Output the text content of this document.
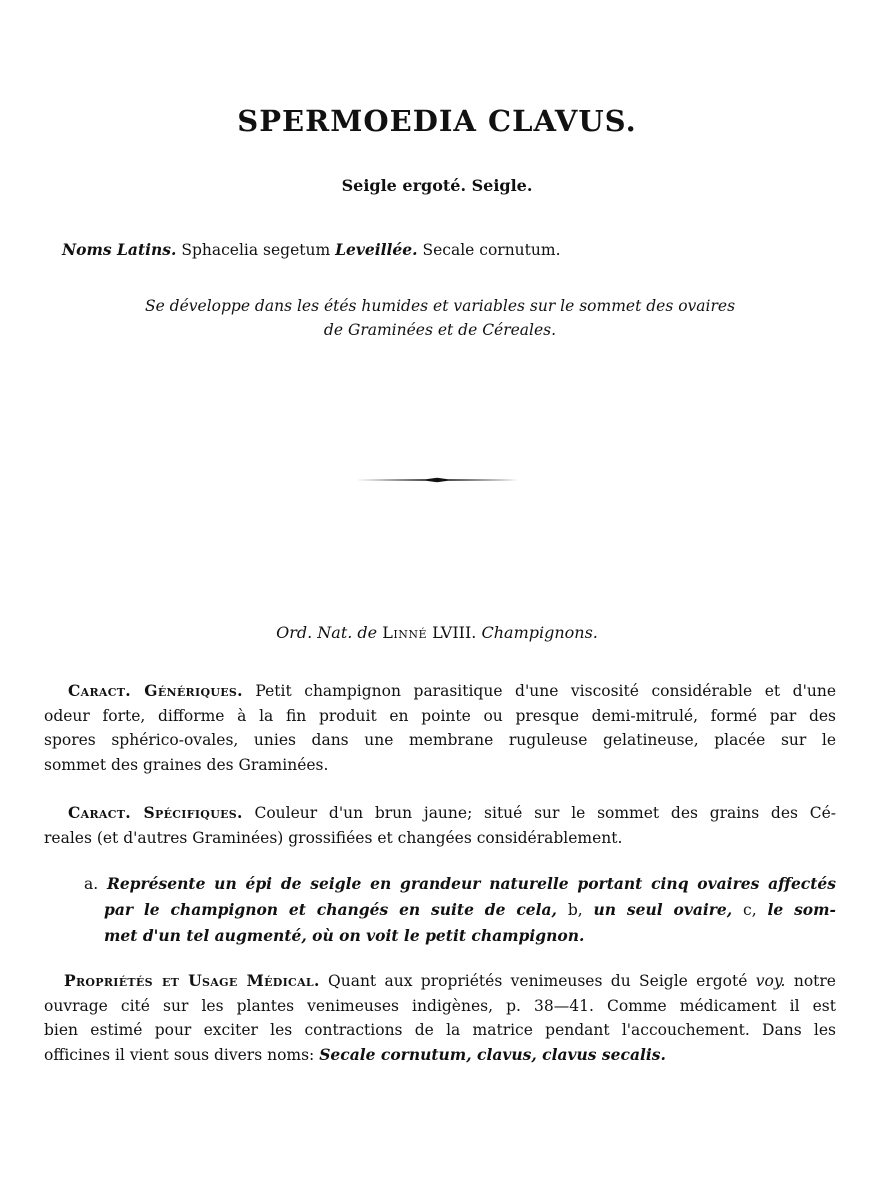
SPERMOEDIA CLAVUS.
Seigle ergoté. Seigle.
Noms Latins. Sphacelia segetum Leveillée. Secale cornutum.
Se développe dans les étés humides et variables sur le sommet des ovaires
de Graminées et de Céreales.
Ord. Nat. de Linné LVIII. Champignons.
Caract. Génériques. Petit champignon parasitique d'une viscosité considérable et d'une
odeur forte, difforme à la fin produit en pointe ou presque demi-mitrulé, formé par des
spores sphérico-ovales, unies dans une membrane ruguleuse gelatineuse, placée sur le
sommet des graines des Graminées.
Caract. Spécifiques. Couleur d'un brun jaune; situé sur le sommet des grains des Cé-
reales (et d'autres Graminées) grossifiées et changées considérablement.
a. Représente un épi de seigle en grandeur naturelle portant cinq ovaires affectés
par le champignon et changés en suite de cela, b, un seul ovaire, c, le som-
met d'un tel augmenté, où on voit le petit champignon.
Propriétés et Usage Médical. Quant aux propriétés venimeuses du Seigle ergoté voy. notre
ouvrage cité sur les plantes venimeuses indigènes, p. 38—41. Comme médicament il est
bien estimé pour exciter les contractions de la matrice pendant l'accouchement. Dans les
officines il vient sous divers noms: Secale cornutum, clavus, clavus secalis.
